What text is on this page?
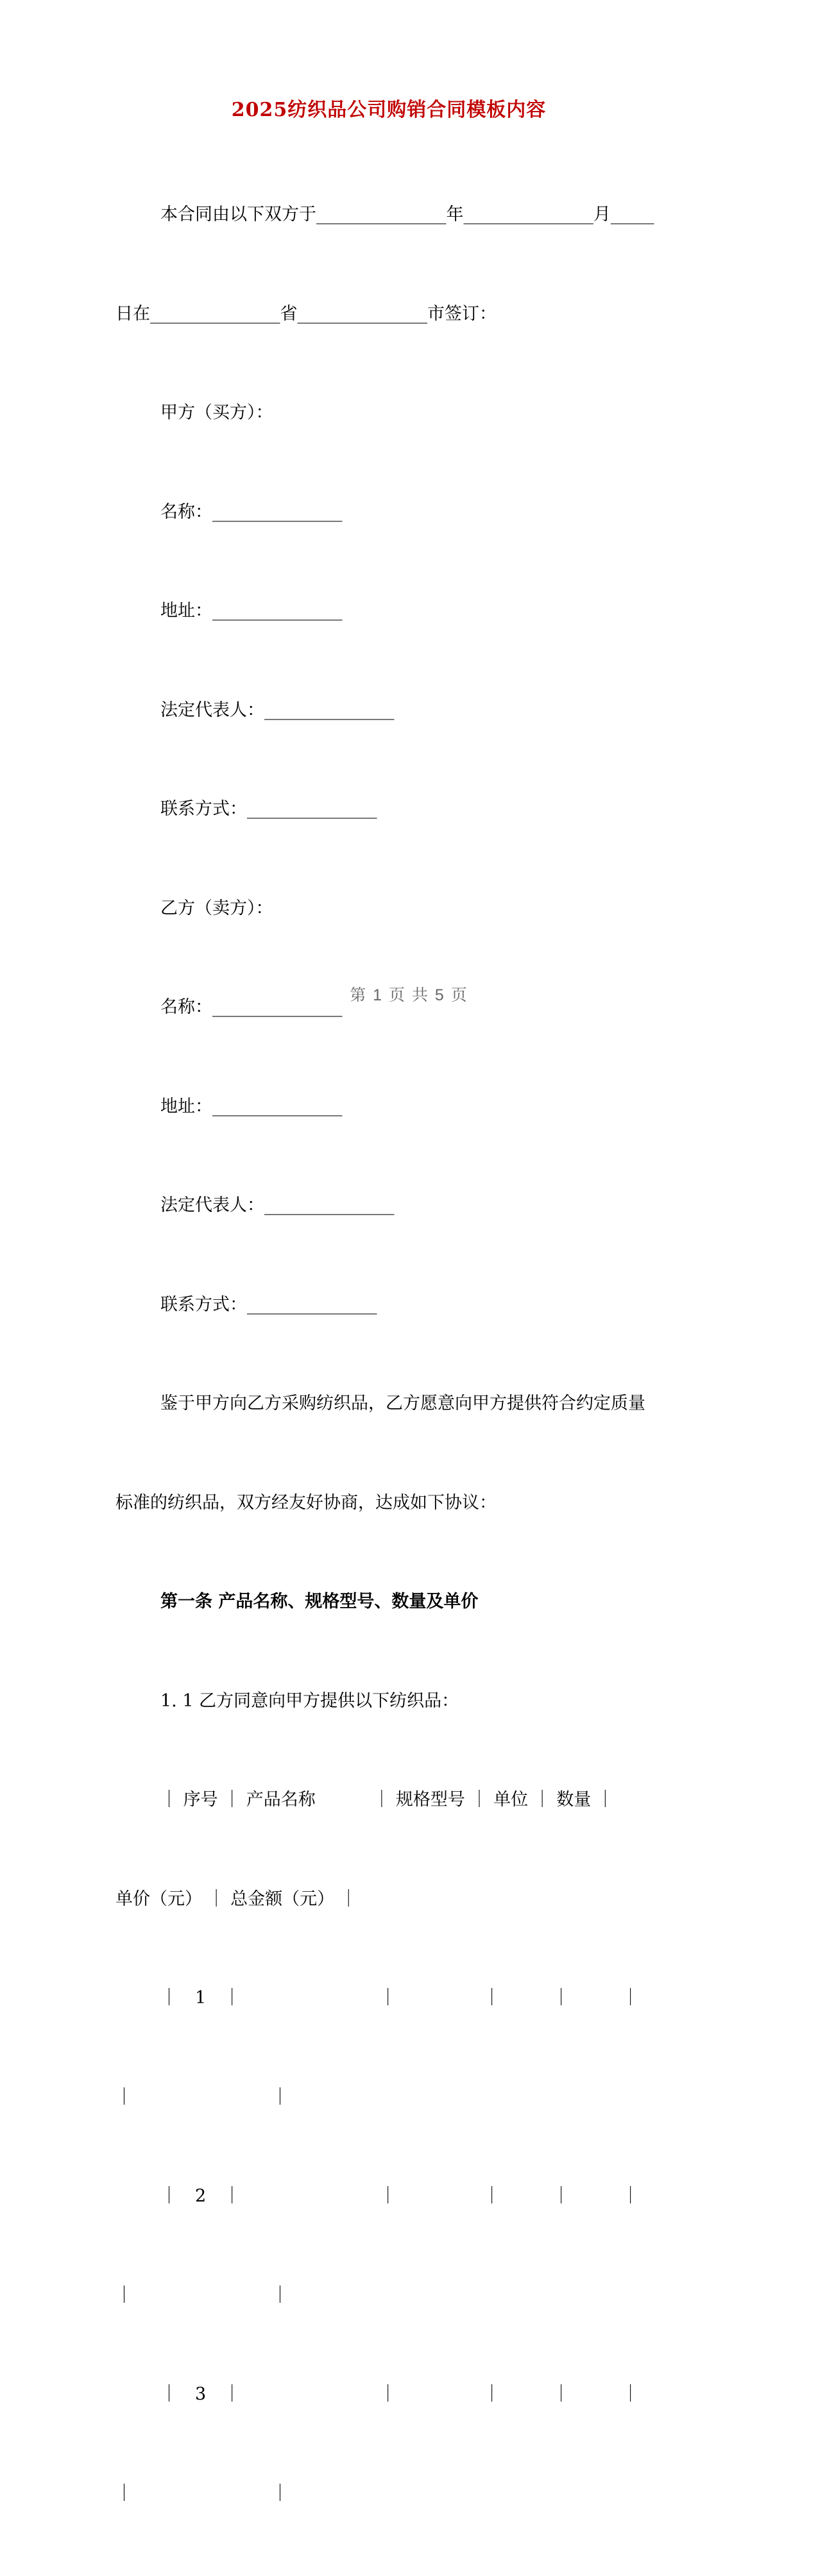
2025纺织品公司购销合同模板内容

本合同由以下双方于_______________年_______________月_____

日在_______________省_______________市签订：

甲方（买方）：

名称：_______________

地址：_______________

法定代表人：_______________

联系方式：_______________

乙方（卖方）：

名称：_______________

地址：_______________

法定代表人：_______________

联系方式：_______________

鉴于甲方向乙方采购纺织品，乙方愿意向甲方提供符合约定质量

标准的纺织品，双方经友好协商，达成如下协议：

第一条 产品名称、规格型号、数量及单价

1. 1 乙方同意向甲方提供以下纺织品：

｜ 序号 ｜ 产品名称　　　 ｜ 规格型号 ｜ 单位 ｜ 数量 ｜

单价（元） ｜ 总金额（元） ｜

｜　1　｜　　　　　　　　｜　　　　　｜　　　｜　　　｜

｜　　　　　　　　｜

｜　2　｜　　　　　　　　｜　　　　　｜　　　｜　　　｜

｜　　　　　　　　｜

｜　3　｜　　　　　　　　｜　　　　　｜　　　｜　　　｜

｜　　　　　　　　｜

第 1 页 共 5 页
